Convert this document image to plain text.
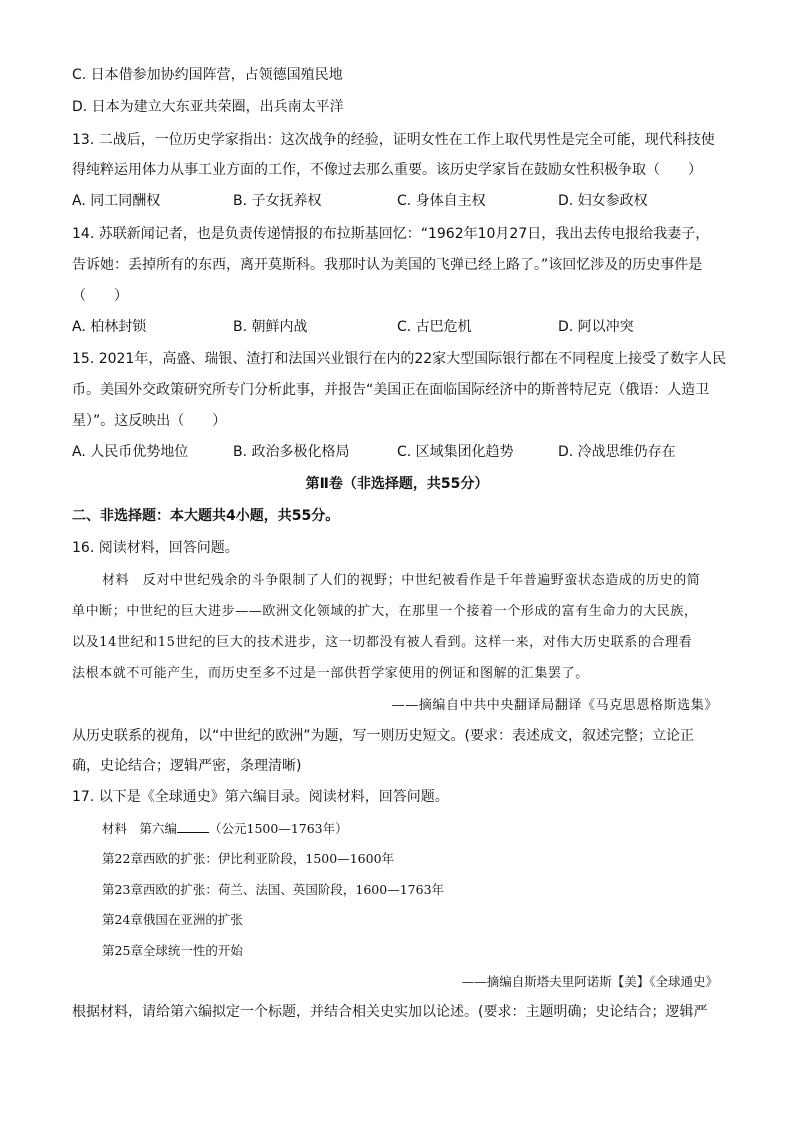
C. 日本借参加协约国阵营，占领德国殖民地
D. 日本为建立大东亚共荣圈，出兵南太平洋
13. 二战后，一位历史学家指出：这次战争的经验，证明女性在工作上取代男性是完全可能，现代科技使
得纯粹运用体力从事工业方面的工作，不像过去那么重要。该历史学家旨在鼓励女性积极争取（　　）
A. 同工同酬权	B. 子女抚养权	C. 身体自主权	D. 妇女参政权
14. 苏联新闻记者，也是负责传递情报的布拉斯基回忆：“1962年10月27日，我出去传电报给我妻子，
告诉她：丢掉所有的东西，离开莫斯科。我那时认为美国的飞弹已经上路了。”该回忆涉及的历史事件是
（　　）
A. 柏林封锁	B. 朝鲜内战	C. 古巴危机	D. 阿以冲突
15. 2021年，高盛、瑞银、渣打和法国兴业银行在内的22家大型国际银行都在不同程度上接受了数字人民
币。美国外交政策研究所专门分析此事，并报告“美国正在面临国际经济中的斯普特尼克（俄语：人造卫
星）”。这反映出（　　）
A. 人民币优势地位	B. 政治多极化格局	C. 区域集团化趋势	D. 冷战思维仍存在
第Ⅱ卷（非选择题，共55分）
二、非选择题：本大题共4小题，共55分。
16. 阅读材料，回答问题。
材料　反对中世纪残余的斗争限制了人们的视野；中世纪被看作是千年普遍野蛮状态造成的历史的简
单中断；中世纪的巨大进步——欧洲文化领域的扩大，在那里一个接着一个形成的富有生命力的大民族，
以及14世纪和15世纪的巨大的技术进步，这一切都没有被人看到。这样一来，对伟大历史联系的合理看
法根本就不可能产生，而历史至多不过是一部供哲学家使用的例证和图解的汇集罢了。
——摘编自中共中央翻译局翻译《马克思恩格斯选集》
从历史联系的视角，以“中世纪的欧洲”为题，写一则历史短文。(要求：表述成文，叙述完整；立论正
确，史论结合；逻辑严密，条理清晰)
17. 以下是《全球通史》第六编目录。阅读材料，回答问题。
材料　第六编	（公元1500—1763年）
第22章西欧的扩张：伊比利亚阶段，1500—1600年
第23章西欧的扩张：荷兰、法国、英国阶段，1600—1763年
第24章俄国在亚洲的扩张
第25章全球统一性的开始
——摘编自斯塔夫里阿诺斯【美】《全球通史》
根据材料，请给第六编拟定一个标题，并结合相关史实加以论述。(要求：主题明确；史论结合；逻辑严
